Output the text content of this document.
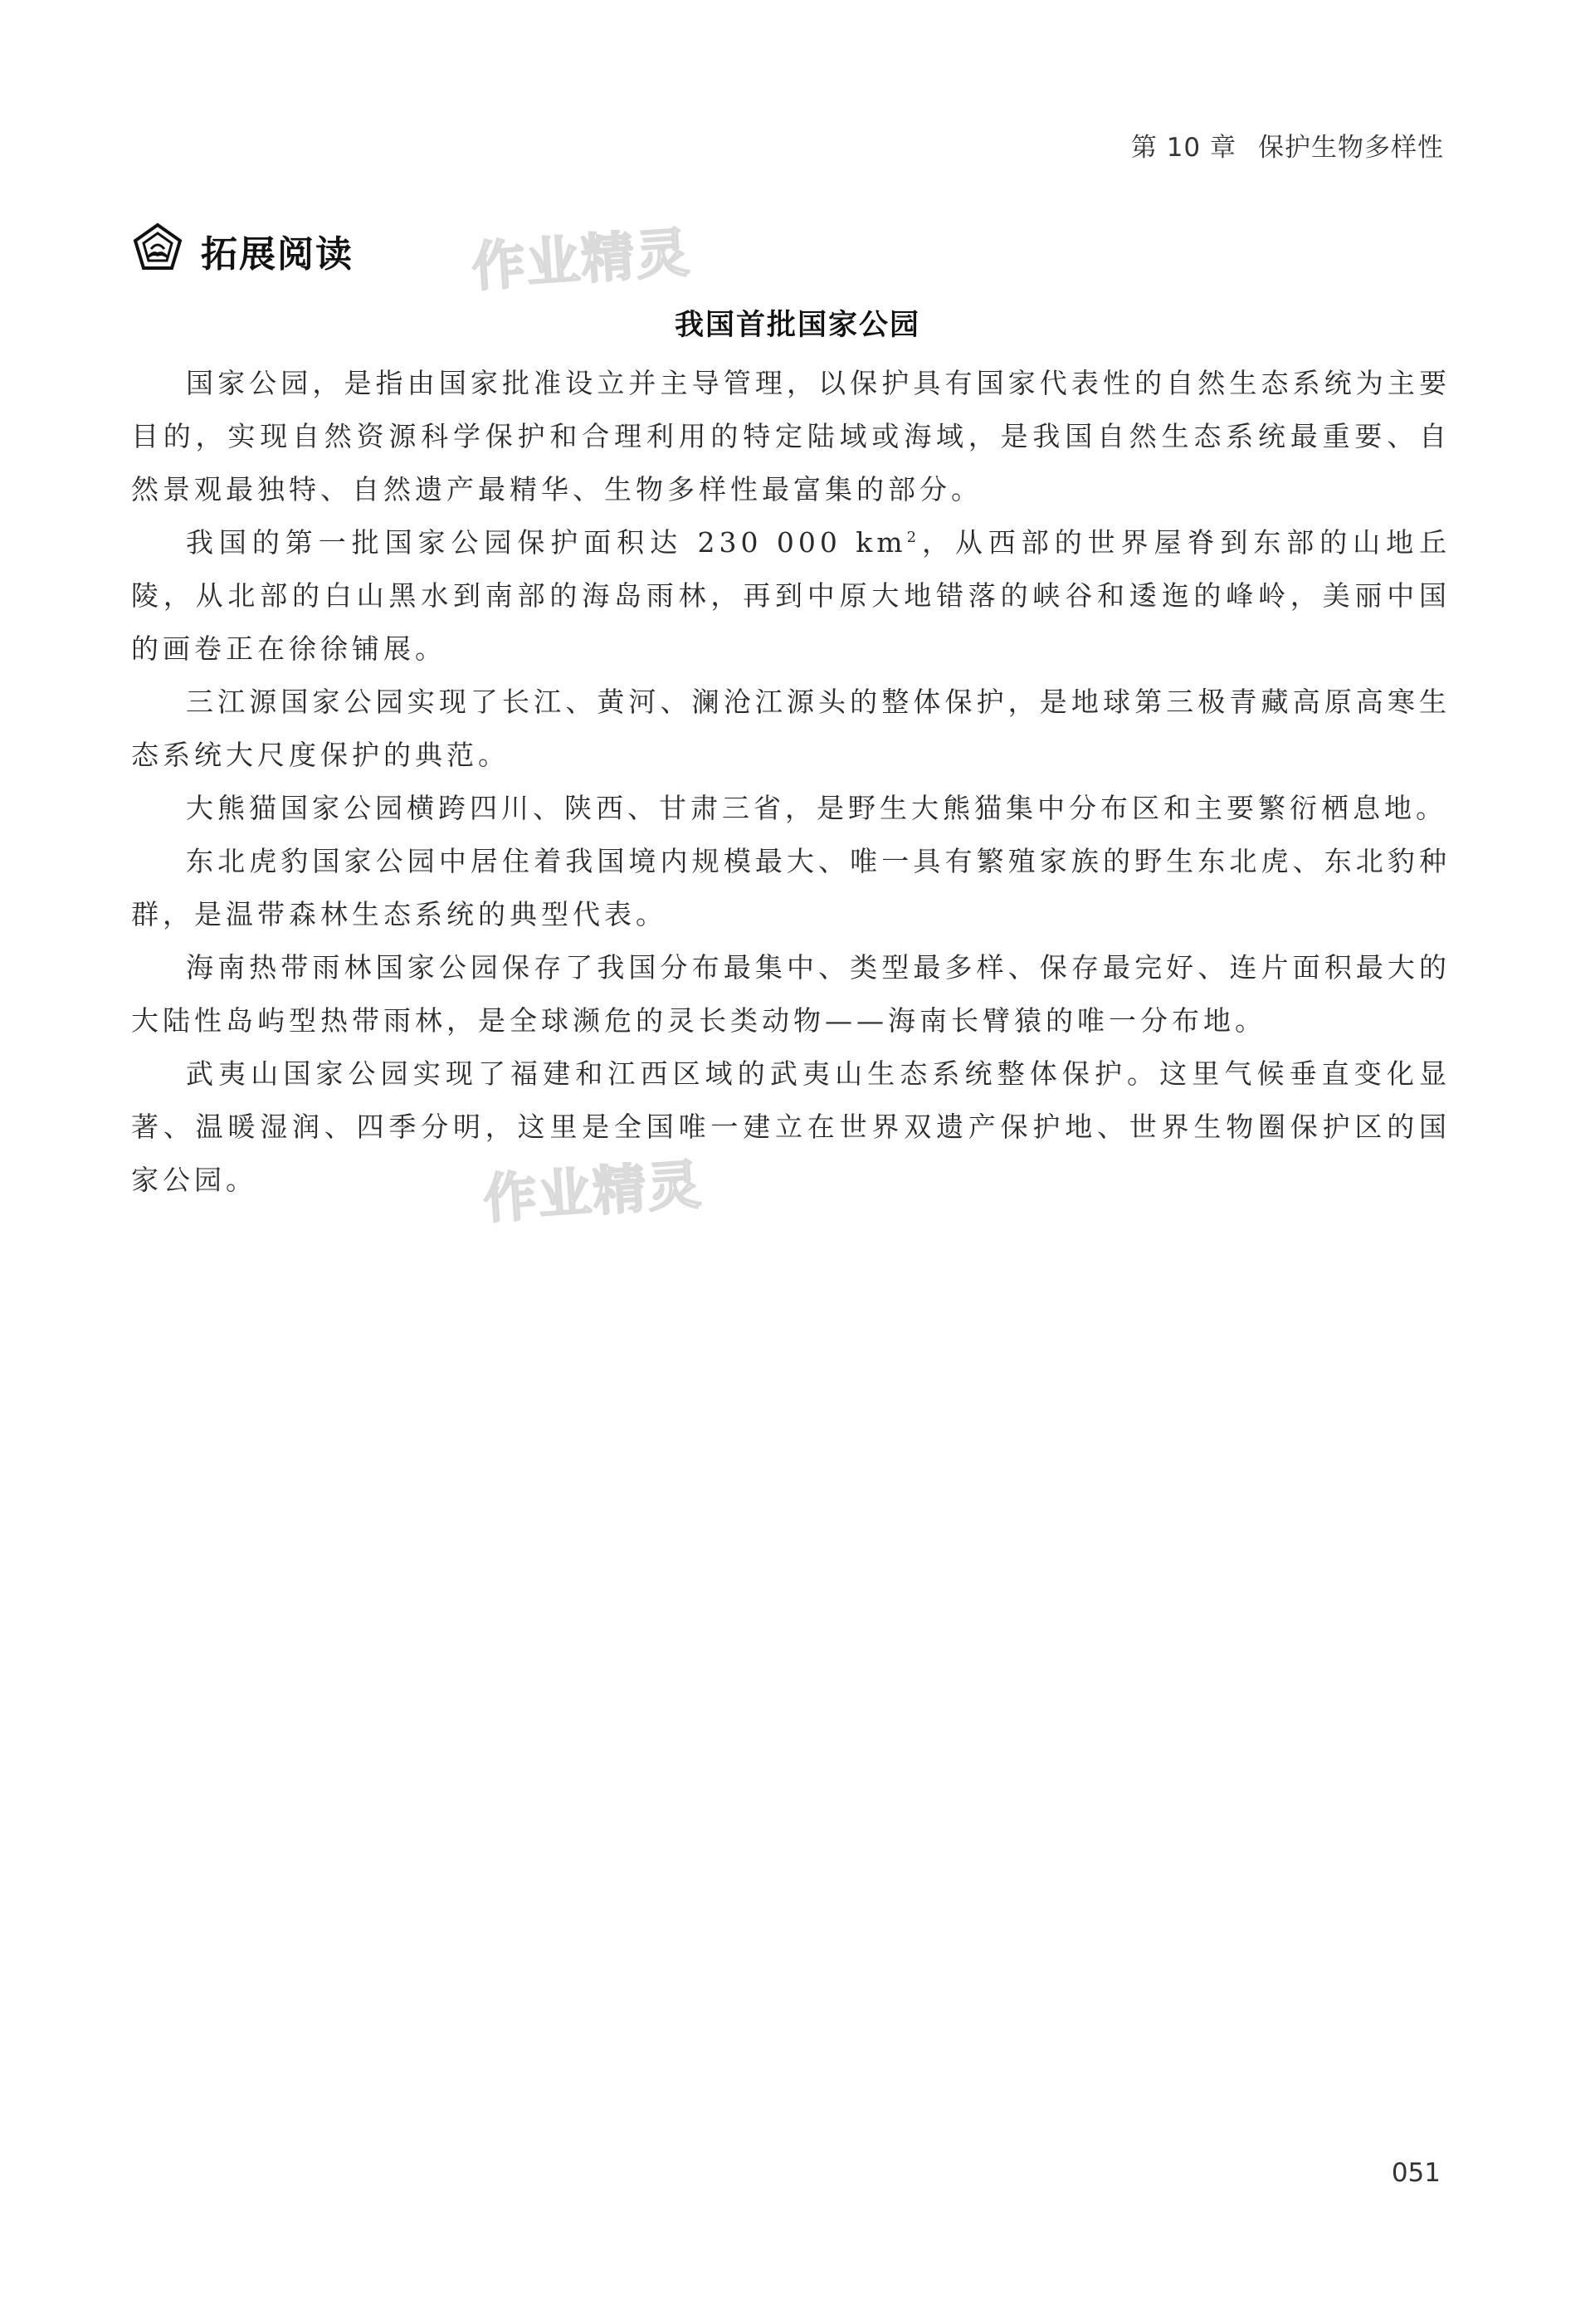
第 10 章 保护生物多样性
拓展阅读 作业精灵
作业精灵
我国首批国家公园

国家公园，是指由国家批准设立并主导管理，以保护具有国家代表性的自然生态系统为主要目的，实现自然资源科学保护和合理利用的特定陆域或海域，是我国自然生态系统最重要、自然景观最独特、自然遗产最精华、生物多样性最富集的部分。

我国的第一批国家公园保护面积达 230 000 $km^2$，从西部的世界屋脊到东部的山地丘陵，从北部的白山黑水到南部的海岛雨林，再到中原大地错落的峡谷和逶迤的峰岭，美丽中国的画卷正在徐徐铺展。

三江源国家公园实现了长江、黄河、澜沧江源头的整体保护，是地球第三极青藏高原高寒生态系统大尺度保护的典范。

大熊猫国家公园横跨四川、陕西、甘肃三省，是野生大熊猫集中分布区和主要繁衍栖息地。

东北虎豹国家公园中居住着我国境内规模最大、唯一具有繁殖家族的野生东北虎、东北豹种群，是温带森林生态系统的典型代表。

海南热带雨林国家公园保存了我国分布最集中、类型最多样、保存最完好、连片面积最大的大陆性岛屿型热带雨林，是全球濒危的灵长类动物——海南长臂猿的唯一分布地。

武夷山国家公园实现了福建和江西区域的武夷山生态系统整体保护。这里气候垂直变化显著、温暖湿润、四季分明，这里是全国唯一建立在世界双遗产保护地、世界生物圈保护区的国家公园。

051
